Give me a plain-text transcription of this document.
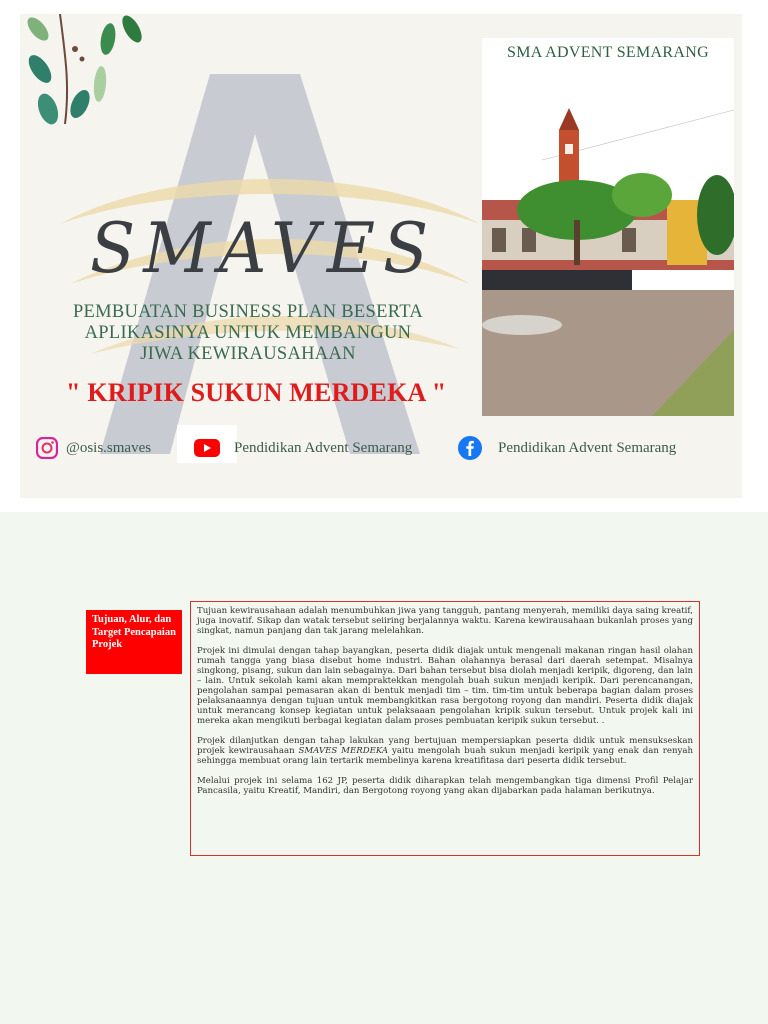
SMAVES
PEMBUATAN BUSINESS PLAN BESERTA
APLIKASINYA UNTUK MEMBANGUN
JIWA KEWIRAUSAHAAN
" KRIPIK SUKUN MERDEKA "
SMA ADVENT SEMARANG
@osis.smaves	Pendidikan Advent Semarang	Pendidikan Advent Semarang
Tujuan, Alur, dan Target Pencapaian Projek

Tujuan kewirausahaan adalah menumbuhkan jiwa yang tangguh, pantang menyerah, memiliki daya saing kreatif, juga inovatif. Sikap dan watak tersebut seiiring berjalannya waktu. Karena kewirausahaan bukanlah proses yang singkat, namun panjang dan tak jarang melelahkan.

Projek ini dimulai dengan tahap bayangkan, peserta didik diajak untuk mengenali makanan ringan hasil olahan rumah tangga yang biasa disebut home industri. Bahan olahannya berasal dari daerah setempat. Misalnya singkong, pisang, sukun dan lain sebagainya. Dari bahan tersebut bisa diolah menjadi keripik, digoreng, dan lain – lain. Untuk sekolah kami akan mempraktekkan mengolah buah sukun menjadi keripik. Dari perencanangan, pengolahan sampai pemasaran akan di bentuk menjadi tim – tim. tim-tim untuk beberapa bagian dalam proses pelaksanaannya dengan tujuan untuk membangkitkan rasa bergotong royong dan mandiri. Peserta didik diajak untuk merancang konsep kegiatan untuk pelaksaaan pengolahan kripik sukun tersebut. Untuk projek kali ini mereka akan mengikuti berbagai kegiatan dalam proses pembuatan keripik sukun tersebut. .

Projek dilanjutkan dengan tahap lakukan yang bertujuan mempersiapkan peserta didik untuk mensukseskan projek kewirausahaan SMAVES MERDEKA yaitu mengolah buah sukun menjadi keripik yang enak dan renyah sehingga membuat orang lain tertarik membelinya karena kreatifitasa dari peserta didik tersebut.

Melalui projek ini selama 162 JP, peserta didik diharapkan telah mengembangkan tiga dimensi Profil Pelajar Pancasila, yaitu Kreatif, Mandiri, dan Bergotong royong yang akan dijabarkan pada halaman berikutnya.
